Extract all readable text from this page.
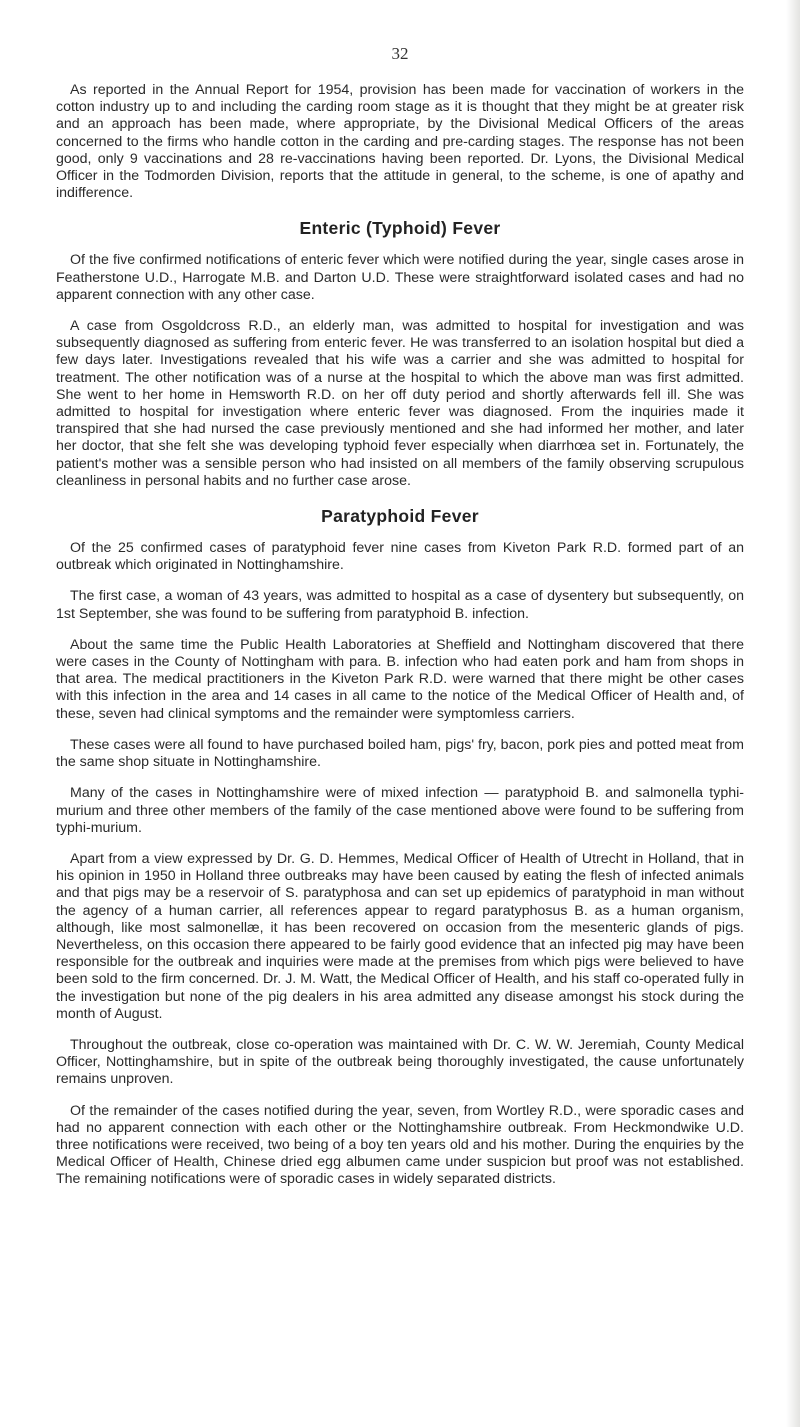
32

As reported in the Annual Report for 1954, provision has been made for vaccination of workers in the cotton industry up to and including the carding room stage as it is thought that they might be at greater risk and an approach has been made, where appropriate, by the Divisional Medical Officers of the areas concerned to the firms who handle cotton in the carding and pre-carding stages. The response has not been good, only 9 vaccinations and 28 re-vaccinations having been reported. Dr. Lyons, the Divisional Medical Officer in the Todmorden Division, reports that the attitude in general, to the scheme, is one of apathy and indifference.

Enteric (Typhoid) Fever

Of the five confirmed notifications of enteric fever which were notified during the year, single cases arose in Featherstone U.D., Harrogate M.B. and Darton U.D. These were straightforward isolated cases and had no apparent connection with any other case.

A case from Osgoldcross R.D., an elderly man, was admitted to hospital for investigation and was subsequently diagnosed as suffering from enteric fever. He was transferred to an isolation hospital but died a few days later. Investigations revealed that his wife was a carrier and she was admitted to hospital for treatment. The other notification was of a nurse at the hospital to which the above man was first admitted. She went to her home in Hemsworth R.D. on her off duty period and shortly afterwards fell ill. She was admitted to hospital for investigation where enteric fever was diagnosed. From the inquiries made it transpired that she had nursed the case previously mentioned and she had informed her mother, and later her doctor, that she felt she was developing typhoid fever especially when diarrhœa set in. Fortunately, the patient's mother was a sensible person who had insisted on all members of the family observing scrupulous cleanliness in personal habits and no further case arose.

Paratyphoid Fever

Of the 25 confirmed cases of paratyphoid fever nine cases from Kiveton Park R.D. formed part of an outbreak which originated in Nottinghamshire.

The first case, a woman of 43 years, was admitted to hospital as a case of dysentery but subsequently, on 1st September, she was found to be suffering from paratyphoid B. infection.

About the same time the Public Health Laboratories at Sheffield and Nottingham discovered that there were cases in the County of Nottingham with para. B. infection who had eaten pork and ham from shops in that area. The medical practitioners in the Kiveton Park R.D. were warned that there might be other cases with this infection in the area and 14 cases in all came to the notice of the Medical Officer of Health and, of these, seven had clinical symptoms and the remainder were symptomless carriers.

These cases were all found to have purchased boiled ham, pigs' fry, bacon, pork pies and potted meat from the same shop situate in Nottinghamshire.

Many of the cases in Nottinghamshire were of mixed infection — paratyphoid B. and salmonella typhi-murium and three other members of the family of the case mentioned above were found to be suffering from typhi-murium.

Apart from a view expressed by Dr. G. D. Hemmes, Medical Officer of Health of Utrecht in Holland, that in his opinion in 1950 in Holland three outbreaks may have been caused by eating the flesh of infected animals and that pigs may be a reservoir of S. paratyphosa and can set up epidemics of paratyphoid in man without the agency of a human carrier, all references appear to regard paratyphosus B. as a human organism, although, like most salmonellæ, it has been recovered on occasion from the mesenteric glands of pigs. Nevertheless, on this occasion there appeared to be fairly good evidence that an infected pig may have been responsible for the outbreak and inquiries were made at the premises from which pigs were believed to have been sold to the firm concerned. Dr. J. M. Watt, the Medical Officer of Health, and his staff co-operated fully in the investigation but none of the pig dealers in his area admitted any disease amongst his stock during the month of August.

Throughout the outbreak, close co-operation was maintained with Dr. C. W. W. Jeremiah, County Medical Officer, Nottinghamshire, but in spite of the outbreak being thoroughly investigated, the cause unfortunately remains unproven.

Of the remainder of the cases notified during the year, seven, from Wortley R.D., were sporadic cases and had no apparent connection with each other or the Nottinghamshire outbreak. From Heckmondwike U.D. three notifications were received, two being of a boy ten years old and his mother. During the enquiries by the Medical Officer of Health, Chinese dried egg albumen came under suspicion but proof was not established. The remaining notifications were of sporadic cases in widely separated districts.
